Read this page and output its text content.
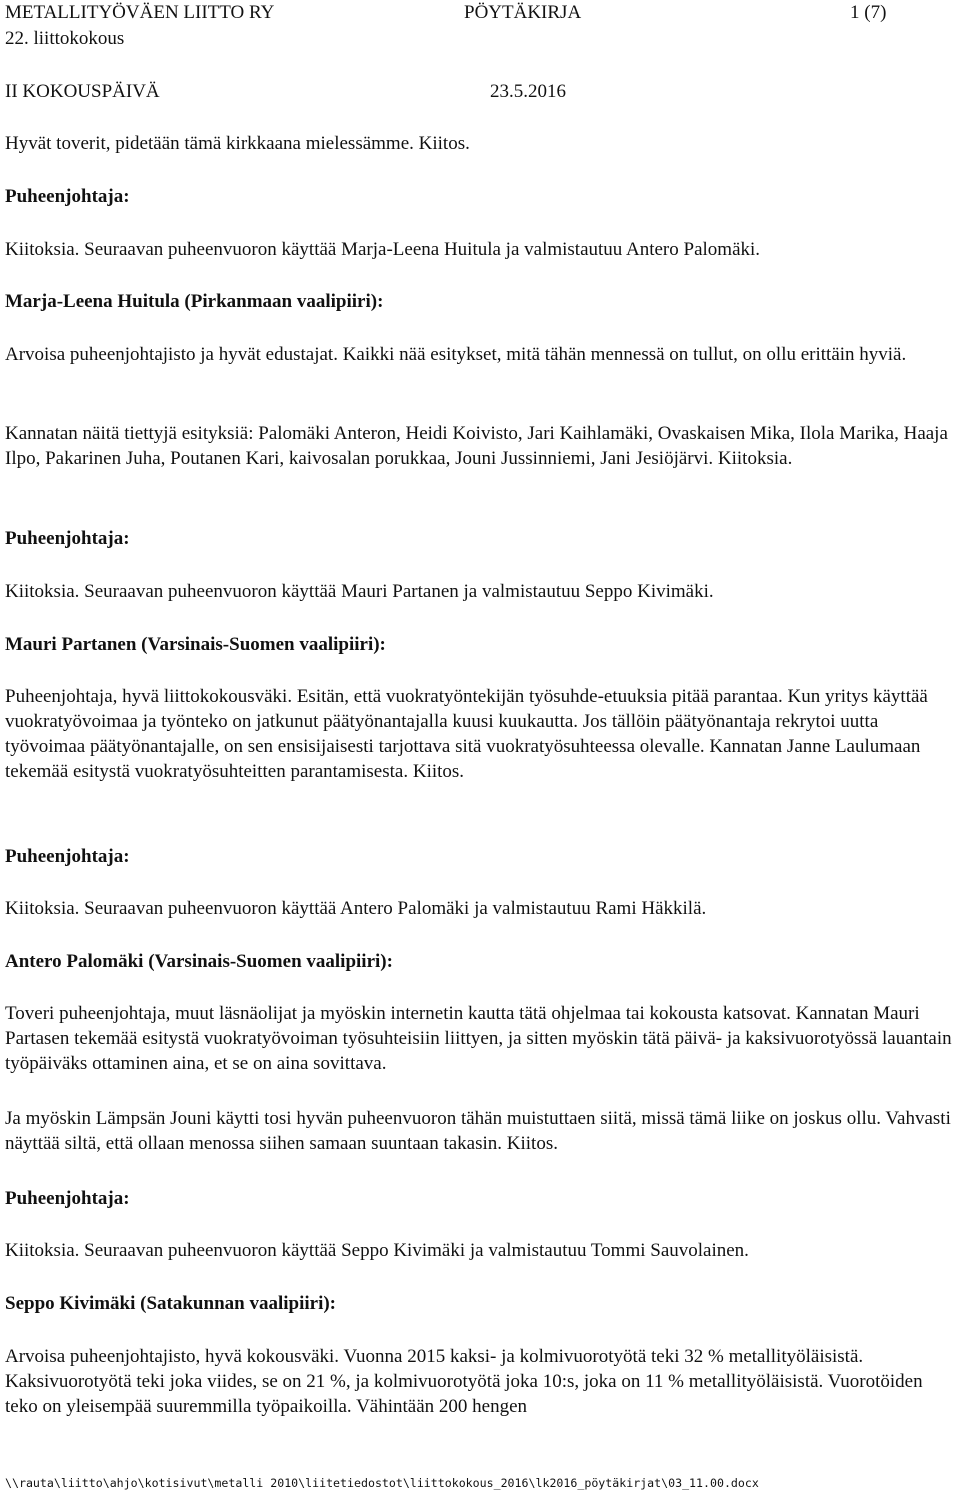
METALLITYÖVÄEN LIITTO RY	PÖYTÄKIRJA	1 (7)
22. liittokokous
II KOKOUSPÄIVÄ	23.5.2016

Hyvät toverit, pidetään tämä kirkkaana mielessämme. Kiitos.

Puheenjohtaja:

Kiitoksia. Seuraavan puheenvuoron käyttää Marja-Leena Huitula ja valmistautuu Antero Palomäki.

Marja-Leena Huitula (Pirkanmaan vaalipiiri):

Arvoisa puheenjohtajisto ja hyvät edustajat. Kaikki nää esitykset, mitä tähän mennessä on tullut, on ollu erittäin hyviä.

Kannatan näitä tiettyjä esityksiä: Palomäki Anteron, Heidi Koivisto, Jari Kaihlamäki, Ovaskaisen Mika, Ilola Marika, Haaja Ilpo, Pakarinen Juha, Poutanen Kari, kaivosalan porukkaa, Jouni Jussinniemi, Jani Jesiöjärvi. Kiitoksia.

Puheenjohtaja:

Kiitoksia. Seuraavan puheenvuoron käyttää Mauri Partanen ja valmistautuu Seppo Kivimäki.

Mauri Partanen (Varsinais-Suomen vaalipiiri):

Puheenjohtaja, hyvä liittokokousväki. Esitän, että vuokratyöntekijän työsuhde-etuuksia pitää parantaa. Kun yritys käyttää vuokratyövoimaa ja työnteko on jatkunut päätyönantajalla kuusi kuukautta. Jos tällöin päätyönantaja rekrytoi uutta työvoimaa päätyönantajalle, on sen ensisijaisesti tarjottava sitä vuokratyösuhteessa olevalle. Kannatan Janne Laulumaan tekemää esitystä vuokratyösuhteitten parantamisesta. Kiitos.

Puheenjohtaja:

Kiitoksia. Seuraavan puheenvuoron käyttää Antero Palomäki ja valmistautuu Rami Häkkilä.

Antero Palomäki (Varsinais-Suomen vaalipiiri):

Toveri puheenjohtaja, muut läsnäolijat ja myöskin internetin kautta tätä ohjelmaa tai kokousta katsovat. Kannatan Mauri Partasen tekemää esitystä vuokratyövoiman työsuhteisiin liittyen, ja sitten myöskin tätä päivä- ja kaksivuorotyössä lauantain työpäiväks ottaminen aina, et se on aina sovittava.

Ja myöskin Lämpsän Jouni käytti tosi hyvän puheenvuoron tähän muistuttaen siitä, missä tämä liike on joskus ollu. Vahvasti näyttää siltä, että ollaan menossa siihen samaan suuntaan takasin. Kiitos.

Puheenjohtaja:

Kiitoksia. Seuraavan puheenvuoron käyttää Seppo Kivimäki ja valmistautuu Tommi Sauvolainen.

Seppo Kivimäki (Satakunnan vaalipiiri):

Arvoisa puheenjohtajisto, hyvä kokousväki. Vuonna 2015 kaksi- ja kolmivuorotyötä teki 32 % metallityöläisistä. Kaksivuorotyötä teki joka viides, se on 21 %, ja kolmivuorotyötä joka 10:s, joka on 11 % metallityöläisistä. Vuorotöiden teko on yleisempää suuremmilla työpaikoilla. Vähintään 200 hengen

\\rauta\liitto\ahjo\kotisivut\metalli 2010\liitetiedostot\liittokokous_2016\lk2016_pöytäkirjat\03_11.00.docx
